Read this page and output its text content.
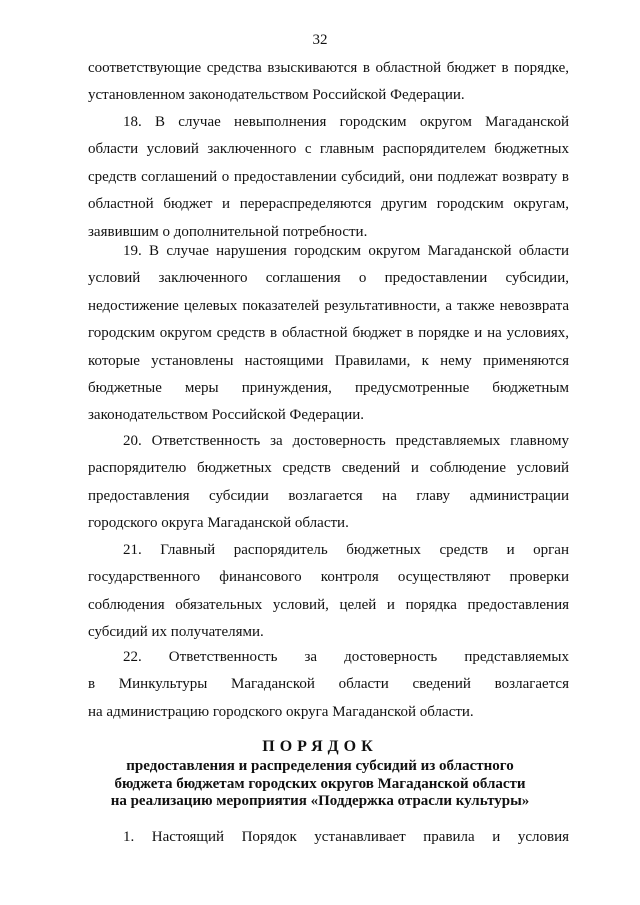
32
соответствующие средства взыскиваются в областной бюджет в порядке,
установленном законодательством Российской Федерации.
18. В случае невыполнения городским округом Магаданской
области условий заключенного с главным распорядителем бюджетных
средств соглашений о предоставлении субсидий, они подлежат возврату в
областной бюджет и перераспределяются другим городским округам,
заявившим о дополнительной потребности.
19. В случае нарушения городским округом Магаданской области
условий заключенного соглашения о предоставлении субсидии,
недостижение целевых показателей результативности, а также невозврата
городским округом средств в областной бюджет в порядке и на условиях,
которые установлены настоящими Правилами, к нему применяются
бюджетные меры принуждения, предусмотренные бюджетным
законодательством Российской Федерации.
20. Ответственность за достоверность представляемых главному
распорядителю бюджетных средств сведений и соблюдение условий
предоставления субсидии возлагается на главу администрации
городского округа Магаданской области.
21. Главный распорядитель бюджетных средств и орган
государственного финансового контроля осуществляют проверки
соблюдения обязательных условий, целей и порядка предоставления
субсидий их получателями.
22. Ответственность за достоверность представляемых
в Минкультуры Магаданской области сведений возлагается
на администрацию городского округа Магаданской области.

ПОРЯДОК

предоставления и распределения субсидий из областного

бюджета бюджетам городских округов Магаданской области

на реализацию мероприятия «Поддержка отрасли культуры»

1. Настоящий Порядок устанавливает правила и условия
